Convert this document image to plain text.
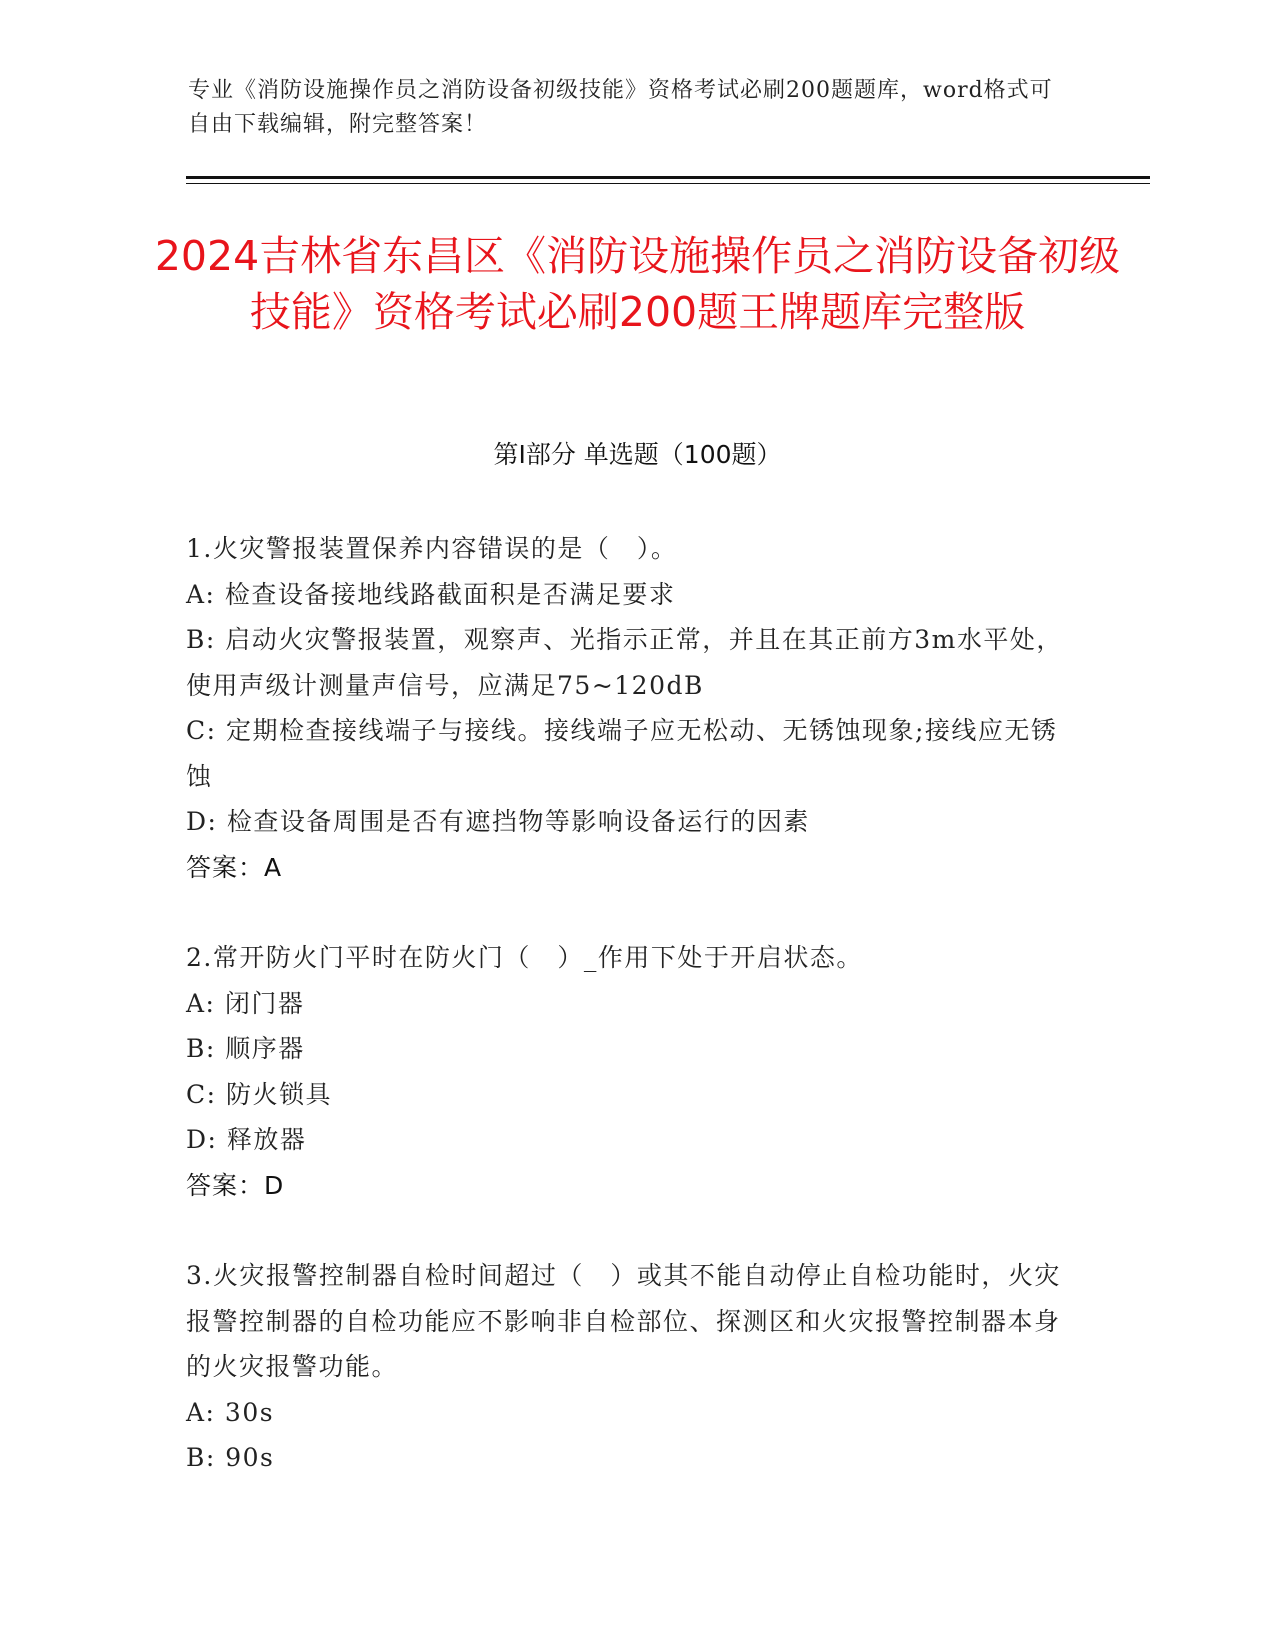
专业《消防设施操作员之消防设备初级技能》资格考试必刷200题题库，word格式可自由下载编辑，附完整答案！
2024吉林省东昌区《消防设施操作员之消防设备初级技能》资格考试必刷200题王牌题库完整版
第Ⅰ部分 单选题（100题）

1.火灾警报装置保养内容错误的是（　）。

A: 检查设备接地线路截面积是否满足要求

B: 启动火灾警报装置，观察声、光指示正常，并且在其正前方3m水平处，使用声级计测量声信号，应满足75~120dB

C: 定期检查接线端子与接线。接线端子应无松动、无锈蚀现象;接线应无锈蚀

D: 检查设备周围是否有遮挡物等影响设备运行的因素

答案：A

2.常开防火门平时在防火门（　）_作用下处于开启状态。

A: 闭门器

B: 顺序器

C: 防火锁具

D: 释放器

答案：D

3.火灾报警控制器自检时间超过（　）或其不能自动停止自检功能时，火灾报警控制器的自检功能应不影响非自检部位、探测区和火灾报警控制器本身的火灾报警功能。

A: 30s

B: 90s
